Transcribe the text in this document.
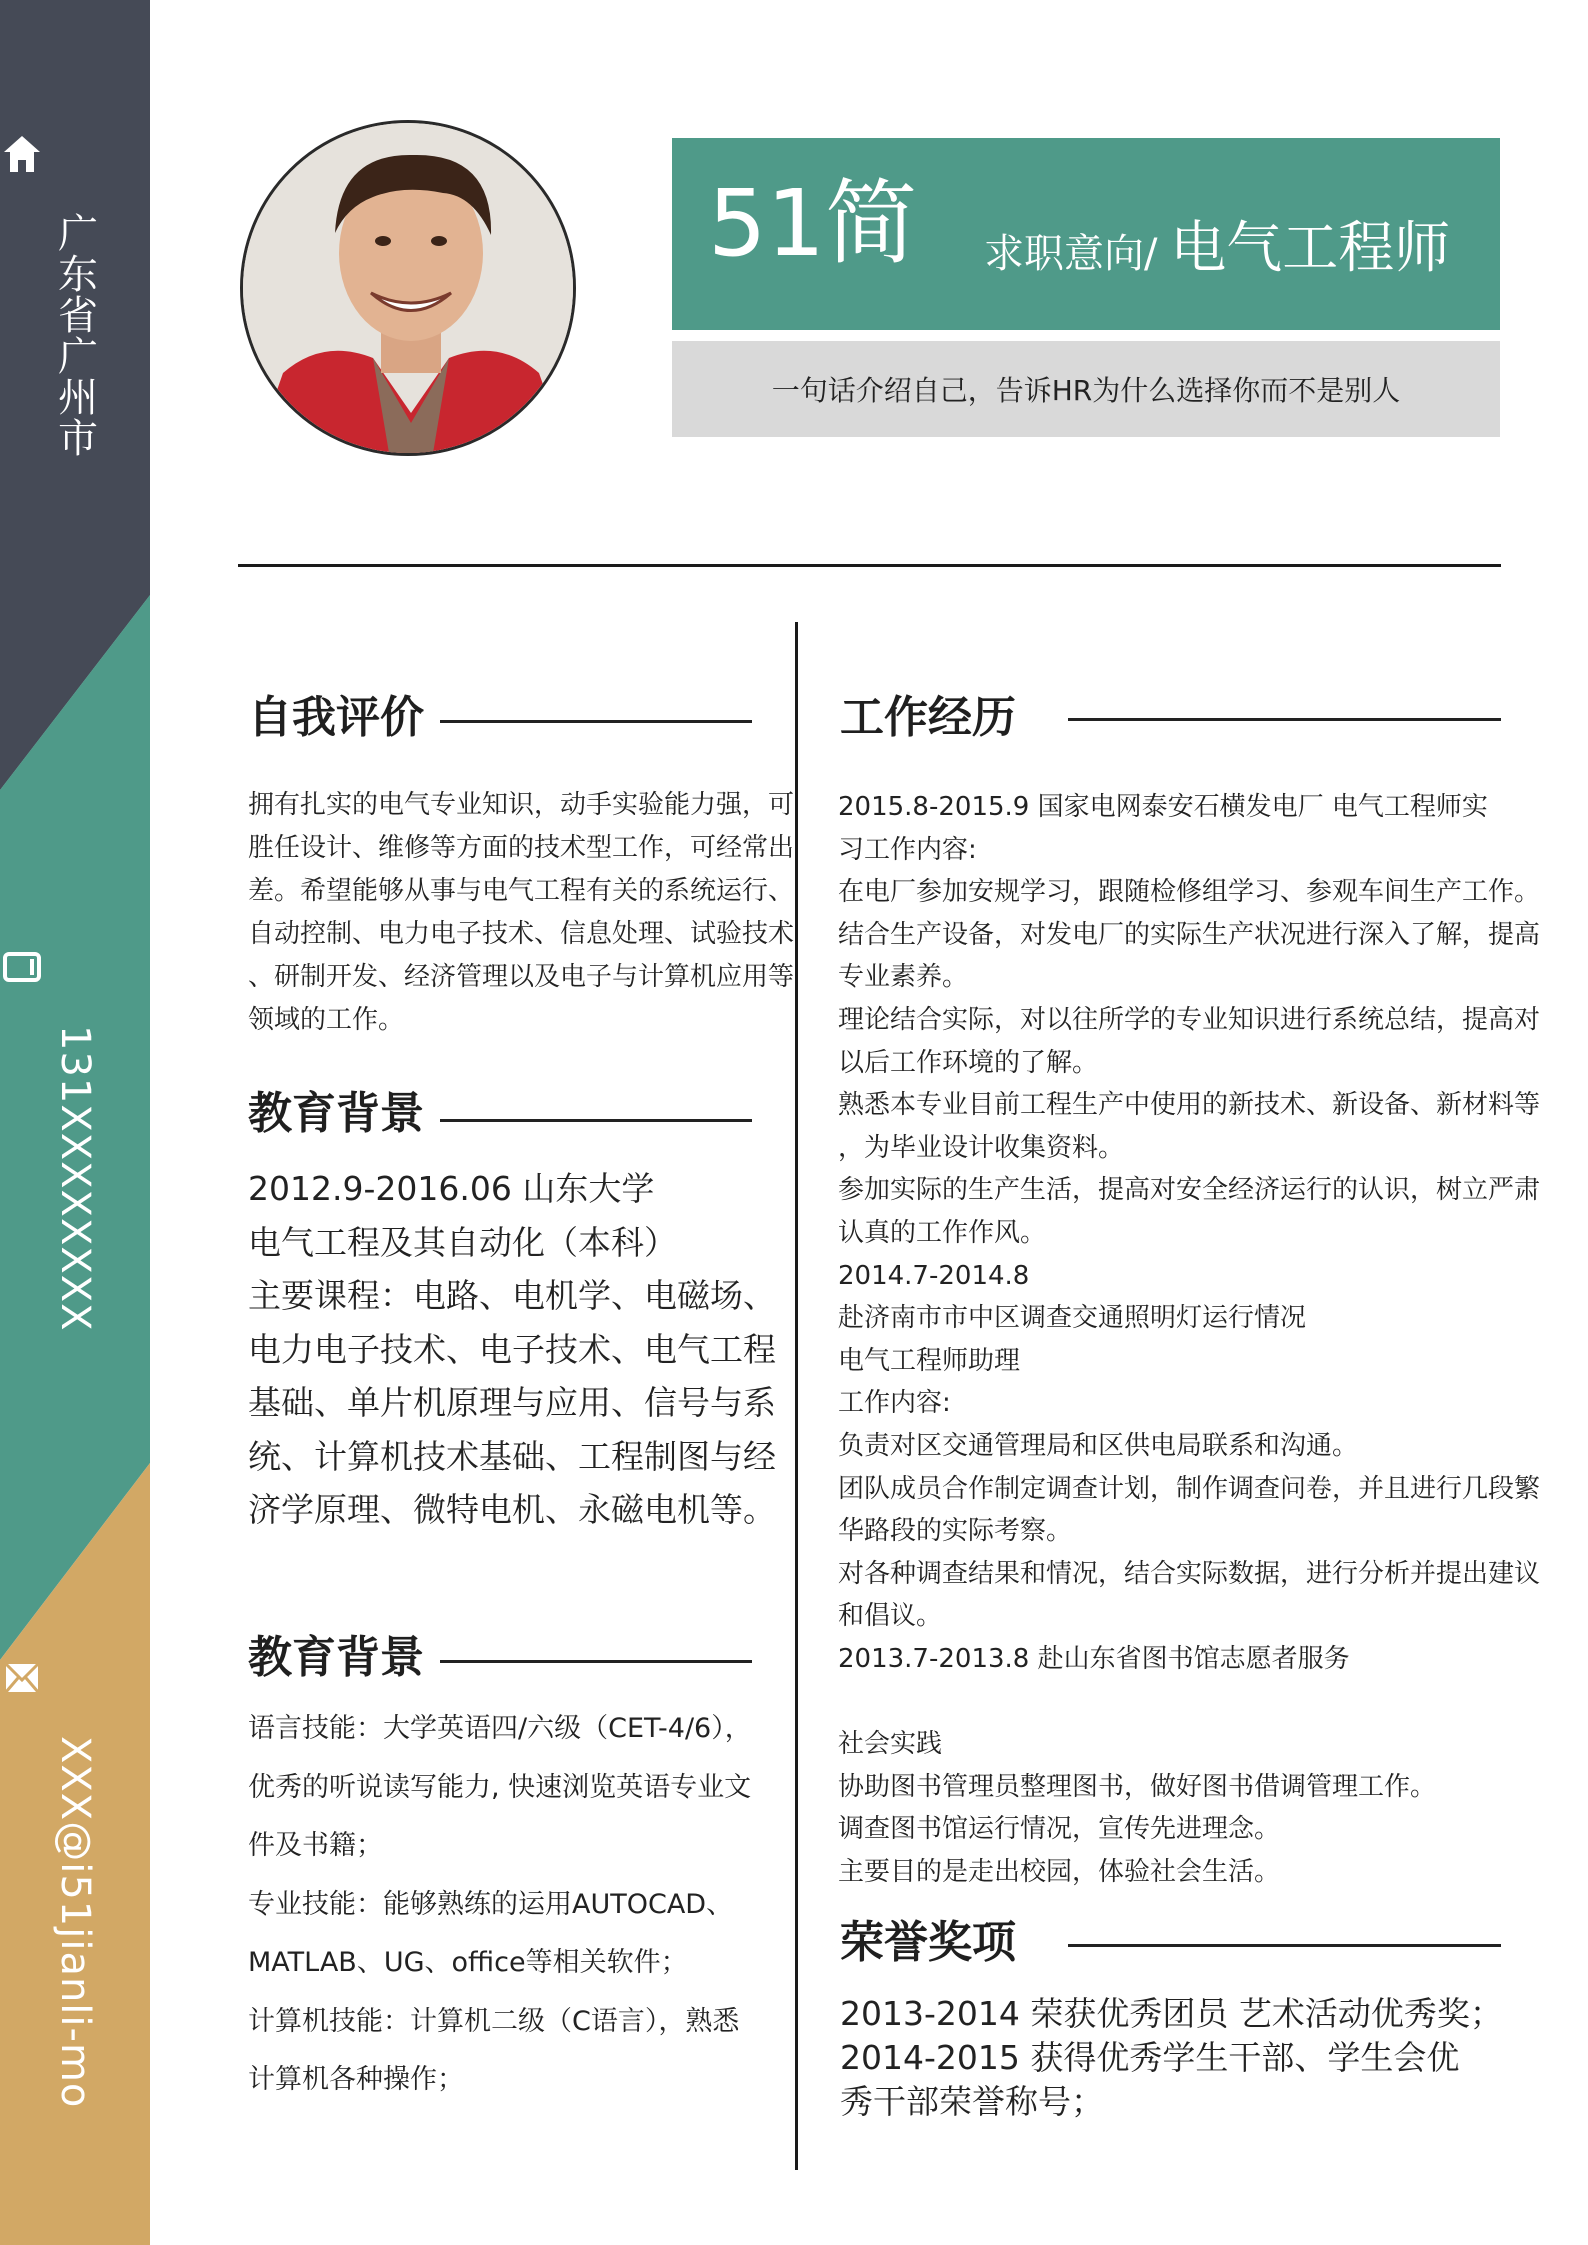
广东省广州市
131XXXXXXXX
XXX@i51jianli-mo
51简 求职意向/ 电气工程师
一句话介绍自己，告诉HR为什么选择你而不是别人
自我评价
拥有扎实的电气专业知识，动手实验能力强，可
胜任设计、维修等方面的技术型工作，可经常出
差。希望能够从事与电气工程有关的系统运行、
自动控制、电力电子技术、信息处理、试验技术
、研制开发、经济管理以及电子与计算机应用等
领域的工作。
教育背景
2012.9-2016.06 山东大学
电气工程及其自动化（本科）
主要课程：电路、电机学、电磁场、
电力电子技术、电子技术、电气工程
基础、单片机原理与应用、信号与系
统、计算机技术基础、工程制图与经
济学原理、微特电机、永磁电机等。
教育背景
语言技能：大学英语四/六级（CET-4/6），
优秀的听说读写能力, 快速浏览英语专业文
件及书籍；
专业技能：能够熟练的运用AUTOCAD、
MATLAB、UG、office等相关软件；
计算机技能：计算机二级（C语言），熟悉
计算机各种操作；
工作经历
2015.8-2015.9 国家电网泰安石横发电厂 电气工程师实
习工作内容:
在电厂参加安规学习，跟随检修组学习、参观车间生产工作。
结合生产设备，对发电厂的实际生产状况进行深入了解，提高
专业素养。
理论结合实际，对以往所学的专业知识进行系统总结，提高对
以后工作环境的了解。
熟悉本专业目前工程生产中使用的新技术、新设备、新材料等
，为毕业设计收集资料。
参加实际的生产生活，提高对安全经济运行的认识，树立严肃
认真的工作作风。
2014.7-2014.8
赴济南市市中区调查交通照明灯运行情况
电气工程师助理
工作内容:
负责对区交通管理局和区供电局联系和沟通。
团队成员合作制定调查计划，制作调查问卷，并且进行几段繁
华路段的实际考察。
对各种调查结果和情况，结合实际数据，进行分析并提出建议
和倡议。
2013.7-2013.8 赴山东省图书馆志愿者服务

社会实践
协助图书管理员整理图书，做好图书借调管理工作。
调查图书馆运行情况，宣传先进理念。
主要目的是走出校园，体验社会生活。
荣誉奖项
2013-2014 荣获优秀团员 艺术活动优秀奖；
2014-2015 获得优秀学生干部、学生会优
秀干部荣誉称号；
